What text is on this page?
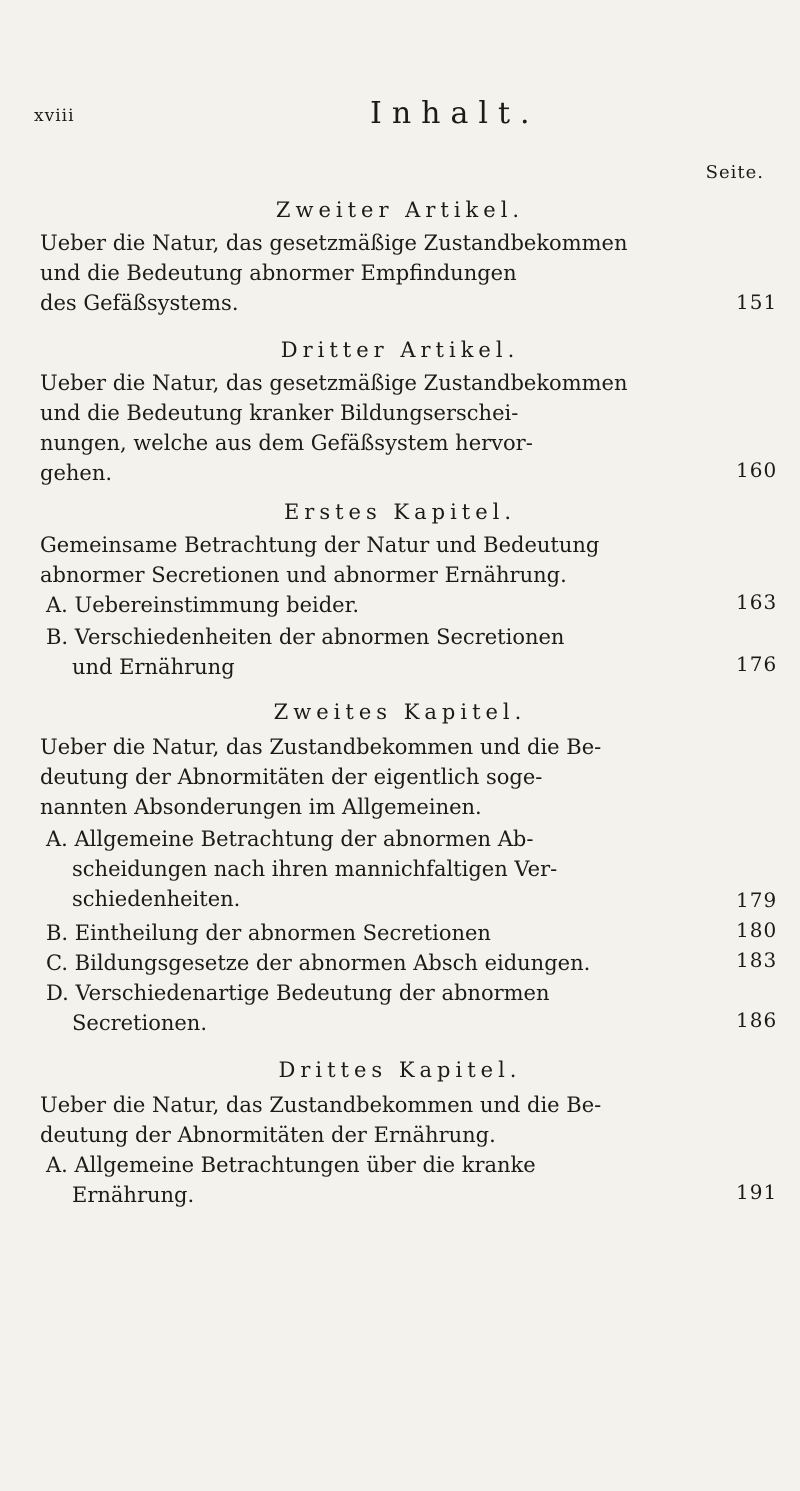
xviii	Inhalt.
Seite.
Zweiter Artikel.
Ueber die Natur, das gesetzmäßige Zustandbekommen
und die Bedeutung abnormer Empfindungen
des Gefäßsystems.	151
Dritter Artikel.
Ueber die Natur, das gesetzmäßige Zustandbekommen
und die Bedeutung kranker Bildungserschei-
nungen, welche aus dem Gefäßsystem hervor-
gehen.	160
Erstes Kapitel.
Gemeinsame Betrachtung der Natur und Bedeutung
abnormer Secretionen und abnormer Ernährung.
A. Uebereinstimmung beider.	163
B. Verschiedenheiten der abnormen Secretionen
und Ernährung	176
Zweites Kapitel.
Ueber die Natur, das Zustandbekommen und die Be-
deutung der Abnormitäten der eigentlich soge-
nannten Absonderungen im Allgemeinen.
A. Allgemeine Betrachtung der abnormen Ab-
scheidungen nach ihren mannichfaltigen Ver-
schiedenheiten.	179
B. Eintheilung der abnormen Secretionen	180
C. Bildungsgesetze der abnormen Absch eidungen.	183
D. Verschiedenartige Bedeutung der abnormen
Secretionen.	186
Drittes Kapitel.
Ueber die Natur, das Zustandbekommen und die Be-
deutung der Abnormitäten der Ernährung.
A. Allgemeine Betrachtungen über die kranke
Ernährung.	191
